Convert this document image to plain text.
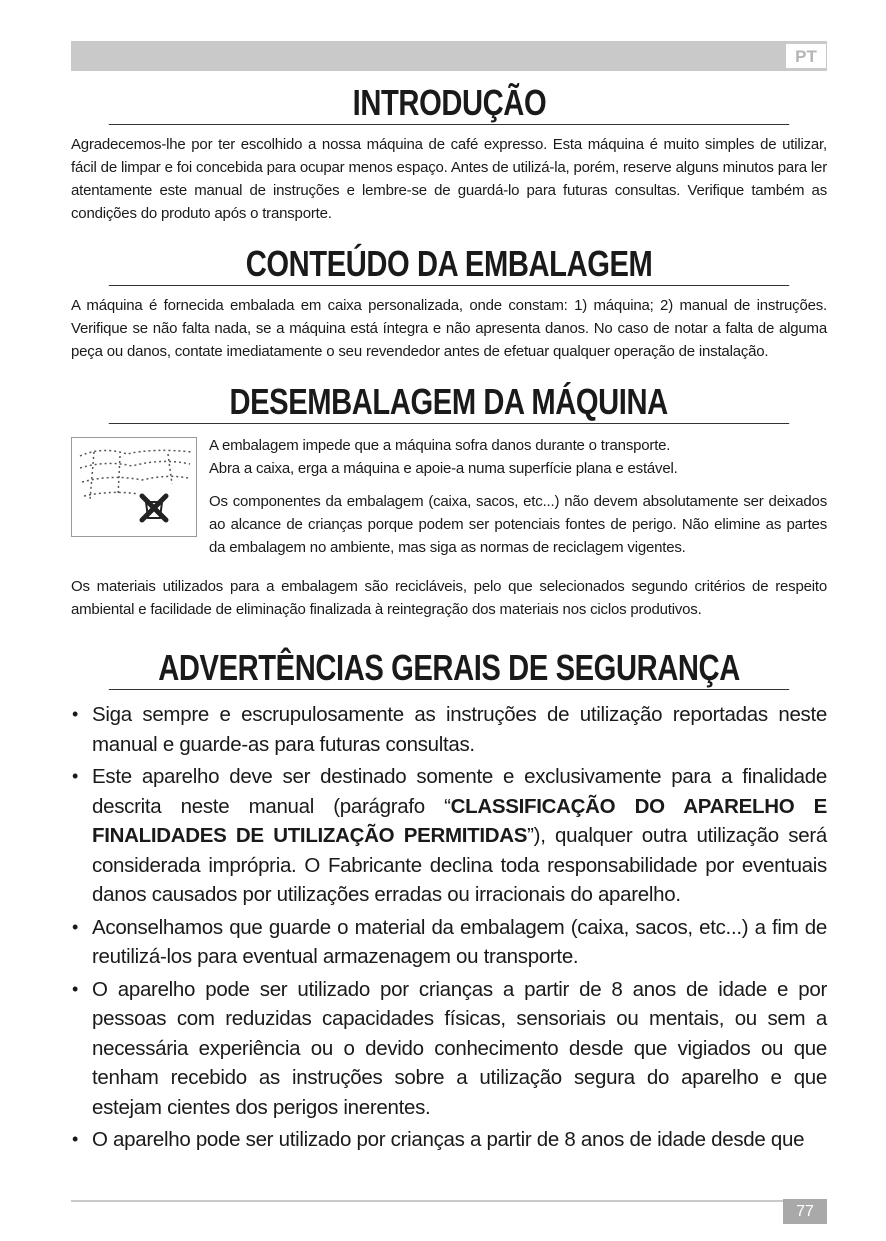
PT
INTRODUÇÃO

Agradecemos-lhe por ter escolhido a nossa máquina de café expresso. Esta máquina é muito simples de utilizar, fácil de limpar e foi concebida para ocupar menos espaço. Antes de utilizá-la, porém, reserve alguns minutos para ler atentamente este manual de instruções e lembre-se de guardá-lo para futuras consultas. Verifique também as condições do produto após o transporte.

CONTEÚDO DA EMBALAGEM

A máquina é fornecida embalada em caixa personalizada, onde constam: 1) máquina; 2) manual de instruções. Verifique se não falta nada, se a máquina está íntegra e não apresenta danos. No caso de notar a falta de alguma peça ou danos, contate imediatamente o seu revendedor antes de efetuar qualquer operação de instalação.

DESEMBALAGEM DA MÁQUINA

A embalagem impede que a máquina sofra danos durante o transporte.

Abra a caixa, erga a máquina e apoie-a numa superfície plana e estável.

Os componentes da embalagem (caixa, sacos, etc...) não devem absolutamente ser deixados ao alcance de crianças porque podem ser potenciais fontes de perigo. Não elimine as partes da embalagem no ambiente, mas siga as normas de reciclagem vigentes.

Os materiais utilizados para a embalagem são recicláveis, pelo que selecionados segundo critérios de respeito ambiental e facilidade de eliminação finalizada à reintegração dos materiais nos ciclos produtivos.

ADVERTÊNCIAS GERAIS DE SEGURANÇA
• Siga sempre e escrupulosamente as instruções de utilização reportadas neste manual e guarde-as para futuras consultas.
• Este aparelho deve ser destinado somente e exclusivamente para a finalidade descrita neste manual (parágrafo “CLASSIFICAÇÃO DO APARELHO E FINALIDADES DE UTILIZAÇÃO PERMITIDAS”), qualquer outra utilização será considerada imprópria. O Fabricante declina toda responsabilidade por eventuais danos causados por utilizações erradas ou irracionais do aparelho.
• Aconselhamos que guarde o material da embalagem (caixa, sacos, etc...) a fim de reutilizá-los para eventual armazenagem ou transporte.
• O aparelho pode ser utilizado por crianças a partir de 8 anos de idade e por pessoas com reduzidas capacidades físicas, sensoriais ou mentais, ou sem a necessária experiência ou o devido conhecimento desde que vigiados ou que tenham recebido as instruções sobre a utilização segura do aparelho e que estejam cientes dos perigos inerentes.
• O aparelho pode ser utilizado por crianças a partir de 8 anos de idade desde que
77
